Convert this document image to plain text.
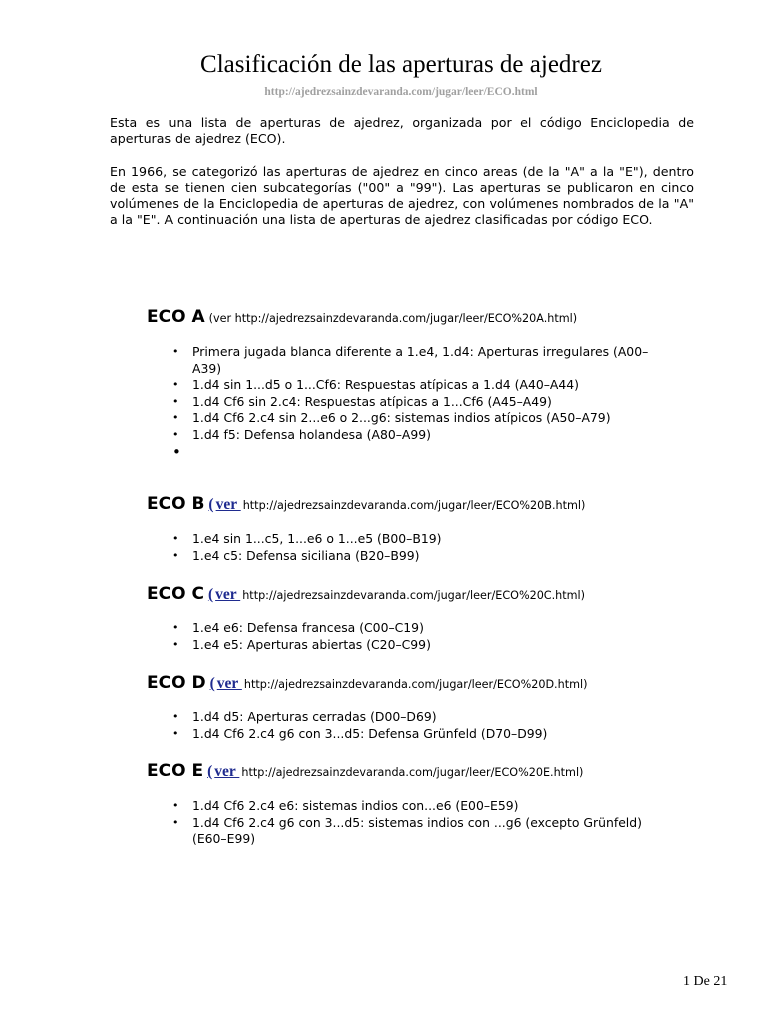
Clasificación de las aperturas de ajedrez
http://ajedrezsainzdevaranda.com/jugar/leer/ECO.html

Esta es una lista de aperturas de ajedrez, organizada por el código Enciclopedia de aperturas de ajedrez (ECO).

En 1966, se categorizó las aperturas de ajedrez en cinco areas (de la "A" a la "E"), dentro de esta se tienen cien subcategorías ("00" a "99"). Las aperturas se publicaron en cinco volúmenes de la Enciclopedia de aperturas de ajedrez, con volúmenes nombrados de la "A" a la "E". A continuación una lista de aperturas de ajedrez clasificadas por código ECO.

ECO A (ver http://ajedrezsainzdevaranda.com/jugar/leer/ECO%20A.html)
• Primera jugada blanca diferente a 1.e4, 1.d4: Aperturas irregulares (A00–A39)
• 1.d4 sin 1...d5 o 1...Cf6: Respuestas atípicas a 1.d4 (A40–A44)
• 1.d4 Cf6 sin 2.c4: Respuestas atípicas a 1...Cf6 (A45–A49)
• 1.d4 Cf6 2.c4 sin 2...e6 o 2...g6: sistemas indios atípicos (A50–A79)
• 1.d4 f5: Defensa holandesa (A80–A99)
•
ECO B ( ver http://ajedrezsainzdevaranda.com/jugar/leer/ECO%20B.html)
• 1.e4 sin 1...c5, 1...e6 o 1...e5 (B00–B19)
• 1.e4 c5: Defensa siciliana (B20–B99)
ECO C ( ver http://ajedrezsainzdevaranda.com/jugar/leer/ECO%20C.html)
• 1.e4 e6: Defensa francesa (C00–C19)
• 1.e4 e5: Aperturas abiertas (C20–C99)
ECO D ( ver http://ajedrezsainzdevaranda.com/jugar/leer/ECO%20D.html)
• 1.d4 d5: Aperturas cerradas (D00–D69)
• 1.d4 Cf6 2.c4 g6 con 3...d5: Defensa Grünfeld (D70–D99)
ECO E ( ver http://ajedrezsainzdevaranda.com/jugar/leer/ECO%20E.html)
• 1.d4 Cf6 2.c4 e6: sistemas indios con...e6 (E00–E59)
• 1.d4 Cf6 2.c4 g6 con 3...d5: sistemas indios con ...g6 (excepto Grünfeld) (E60–E99)
1 De 21
